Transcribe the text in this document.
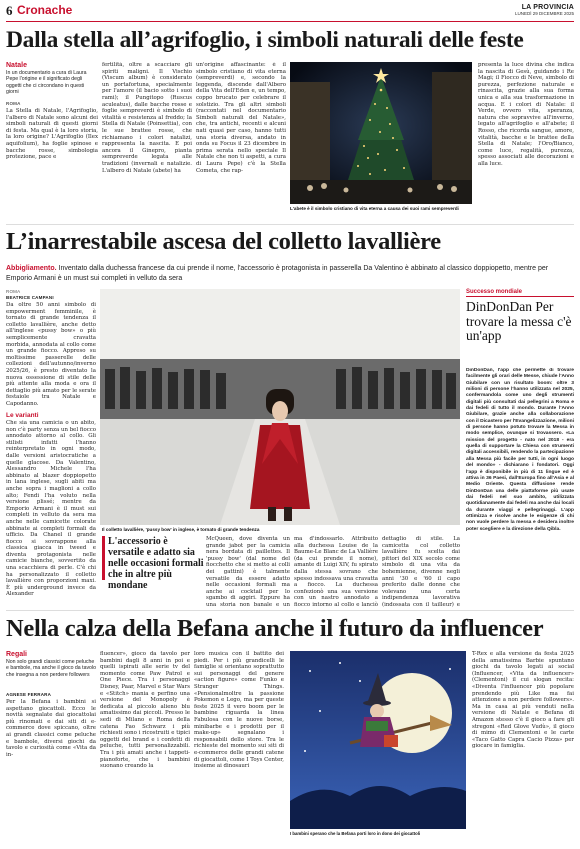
6 Cronache	LA PROVINCIA
LUNEDÌ 29 DICEMBRE 2025
Dalla stella all’agrifoglio, i simboli naturali delle feste
Natale
In un documentario a cura di Laura Pepe l'origine e il significato degli oggetti che ci circondano in questi giorni
ROMA
La Stella di Natale, l'Agrifoglio, l'albero di Natale sono alcuni dei simboli naturali di questi giorni di festa. Ma qual è la loro storia, la loro origine? L'Agrifoglio (Ilex aquifolium), ha foglie spinose e bacche rosse, simbologia protezione, pace e
fertilità, oltre a scacciare gli spiriti maligni. Il Vischio (Viscum album) è considerato un portafortuna, specialmente per l'amore (il bacio sotto i suoi rami); il Pungitopo (Ruscus aculeatus), dalle bacche rosse e foglie sempreverdi è simbolo di vitalità e resistenza al freddo; la Stella di Natale (Poinsettia), con le sue brattee rosse, che richiamano i colori natalizi, rappresenta la nascita. E poi ancora il Ginepro, pianta sempreverde legata alle tradizioni (invernali e natalizie. L'albero di Natale (abete) ha
un'origine affascinante: è il simbolo cristiano di vita eterna (sempreverdi) e, secondo la leggenda, discende dall'Albero della Vita dell'Eden e, un tempo, coppo brucato per celebrare il solstizio. Tra gli altri simboli (raccontati nel documentario Simboli naturali del Natale», che, tra antichi, recenti e alcuni nati quasi per caso, hanno tutti una storia diversa, andato in onda su Focus il 23 dicembre in prima serata nello speciale Il Natale che non ti aspetti, a cura di Laura Pepe) c'è la Stella Cometa, che rap-
L'abete è il simbolo cristiano di vita eterna a causa dei suoi rami sempreverdi
presenta la luce divina che indica la nascita di Gesù, guidando i Re Magi; il Fiocco di Neve, simbolo di purezza, perfezione naturale e rinascita, grazie alla sua forma unica e alla sua trasformazione in acqua. E i colori di Natale: il Verde, ovvero vita, speranza, natura che sopravvive all'inverno, legato all'agrifoglio e all'abete; il Rosso, che ricorda sangue, amore, vitalità, bacche e le brattee della Stella di Natale; l'Oro/Bianco, come luce, regalità, purezza, spesso associati alle decorazioni e alla luce.
L’inarrestabile ascesa del colletto lavallière
Abbigliamento. Inventato dalla duchessa francese da cui prende il nome, l'accessorio è protagonista in passerella Da Valentino è abbinato al classico doppiopetto, mentre per Emporio Armani è un must sui completi in velluto da sera
ROMA
BEATRICE CAMPANI
Da oltre 50 anni simbolo di empowerment femminile, è tornato di grande tendenza il colletto lavallière, anche detto all'inglese «pussy bow» o più semplicemente cravatta morbida, annodata al collo come un grande fiocco. Appreso su moltissime passerelle delle collezioni dell'autunno/inverno 2025/26, è presto diventato la nuova ossessione di stile delle più attente alla moda e ora il dettaglio più amato per le serate festaiole tra Natale e Capodanno.
Le varianti
Che sia una camicia o un abito, non c'è party senza un bel fiocco annodato attorno al collo. Gli stilisti infatti l'hanno reinterpretato in ogni modo, dalle versioni aristocratiche a quelle glacose. Da Valentino, Alessandro Michele l'ha abbinato al blazer doppiopetto in lana inglese, sugli abiti ma anche sopra i maglioni a collo alto; Fendi l'ha voluto nella versione plissé; mentre da Emporio Armani è il must sui completi in velluto da sera ma anche nelle camicette colorate abbinate ai completi formali da ufficio. Da Chanel il grande fiocco si sovrappone alla classica giacca in tweed e diventa protagonista nelle camicie bianche, sovvertito da una scacchiera di perle. C'è chi ha personalizzato il colletto lavallière con proporzioni maxi. È più underground invece da Alexander
Il colletto lavallière, 'pussy bow' in inglese, è tornato di grande tendenza
L'accessorio è versatile e adatto sia nelle occasioni formali che in altre più mondane
McQueen, dove diventa un grande jabot per la camicia nera bordata di paillettes. Il 'pussy bow' (dal nome del fiocchetto che si metto ai colli dei gattini) è talmente versatile da essere adatto nelle occasioni formali ma anche ai cocktail per lo sgambo di aggiri. Eppure ha una storia non banale e un
ma d'indossarlo. Attribuito alla duchessa Louise de la Baume-Le Blanc de La Vallière (da cui prende il nome), amante di Luigi XIV, fu spirato dalla stessa sovrano che spesso indossava una cravatta a fiocco. La duchessa confezionò una sua versione con un nastro annodato a fiocco intorno al collo e lanciò
dettaglio di stile. La camicetta col colletto lavallière fu scelta dai pittori del XIX secolo come simbolo di una vita da bohemienne, divenne negli anni '30 e '60 il capo preferito dalle donne che volevano una certa indipendenza lavorativa (indossata con il tailleur) e
Successo mondiale
DinDonDan Per trovare la messa c'è un'app
DinDonDan, l'app che permette di trovare facilmente gli orari delle Messe, chiude l'Anno Giubilare con un risultato boom: oltre 3 milioni di persone l'hanno utilizzata nel 2025, confermandola come uno degli strumenti digitali più consultati dai pellegrini a Roma e dai fedeli di tutto il mondo. Durante l'Anno Giubilare, grazie anche alla collaborazione con il Dicastero per l'Evangelizzazione, milioni di persone hanno potuto trovare la Messa in modo semplice, ovunque si trovassero. «La mission del progetto - nato nel 2018 - era quella di supportare la Chiesa con strumenti digitali accessibili, rendendo la partecipazione alla Messa più facile per tutti, in ogni luogo del mondo» - dichiarano i fondatori. Oggi l'app è disponibile in più di 11 lingue ed è attiva in 36 Paesi, dall'Europa fino all'Asia e al Medio Oriente. Questa diffusione rende DinDonDan una delle piattaforme più usate dai fedeli nel suo ambito, utilizzata quotidianamente dai fedeli ma anche dai locali da durante viaggi e pellegrinaggi. L'app ottimizza e risolve anche le esigenze di chi non vuole perdere la messa e desidera inoltre poter scegliere e la direzione della Qibla.
Nella calza della Befana anche il futuro da influencer
Regali
Non solo grandi classici come peluche e bambole, ma anche il gioco da tavolo che insegna a non perdere followers
AGNESE FERRARA
Per la Befana i bambini si aspettano giocattoli. Ecco le novità segnalate dai giocattolai più rinomati e dai siti di e-commerce dove spiccano, oltre ai grandi classici come peluche e bambole, diversi giochi da tavolo e curiosità come «Vita da in-
fluencer», gioco da tavolo per bambini dagli 8 anni in poi e quelli ispirati alle serie tv del momento come Paw Patrol e One Piece. Tra i personaggi Disney, Paar, Marvel e Star Wars e «Stitch» mania e perfino una versione del Monopoly è dedicata al piccolo alieno blu amatissimo dai piccoli. Presso le sedi di Milano e Roma della catena Fao Schwarz i più richiesti sono i ricostruiti e tipici oggetti del brand e i confetti di peluche, tutti personalizzabili. Tra i più amati anche i tappeti-pianoforte, che i bambini suonano creando la
loro musica con il battito dei piedi. Per i più grandicelli le famiglie si orientano soprattutto sui personaggi del genere «action figure» come Funko e Stranger Things. «Pensionalmoltre la passione Pokemon e Lego, ma per queste feste 2025 il vero boom per le bambine riguarda la linea Fabulosa con le nuove borse, minibarbe e i prodotti per il make-up» segnalano i responsabili dello store. Tra le richieste del momento sui siti di e-commerce delle grandi catene di giocattoli, come I Toys Center, insieme ai dinosauri
I bambini sperano che la Befana porti loro in dono dei giocattoli
T-Rex e alla versione da festa 2025 della amatissima Barbie spuntano giochi da tavolo legati ai social (Influencer, «Vita da influencer» (Clementoni) il cui slogan recita: «Diventa l'influencer più popolare prendendo più Like ma fai attenzione a non perdere followers». Ma in casa ai più venduti nella versione di Natale e Befana di Amazon stesso c'è il gioco a fare gli stregoni «Red Glove Vudù», il gioco di mimo di Clementoni e le carte «Taco Gatto Capra Cacio Pizza» per giocare in famiglia.
